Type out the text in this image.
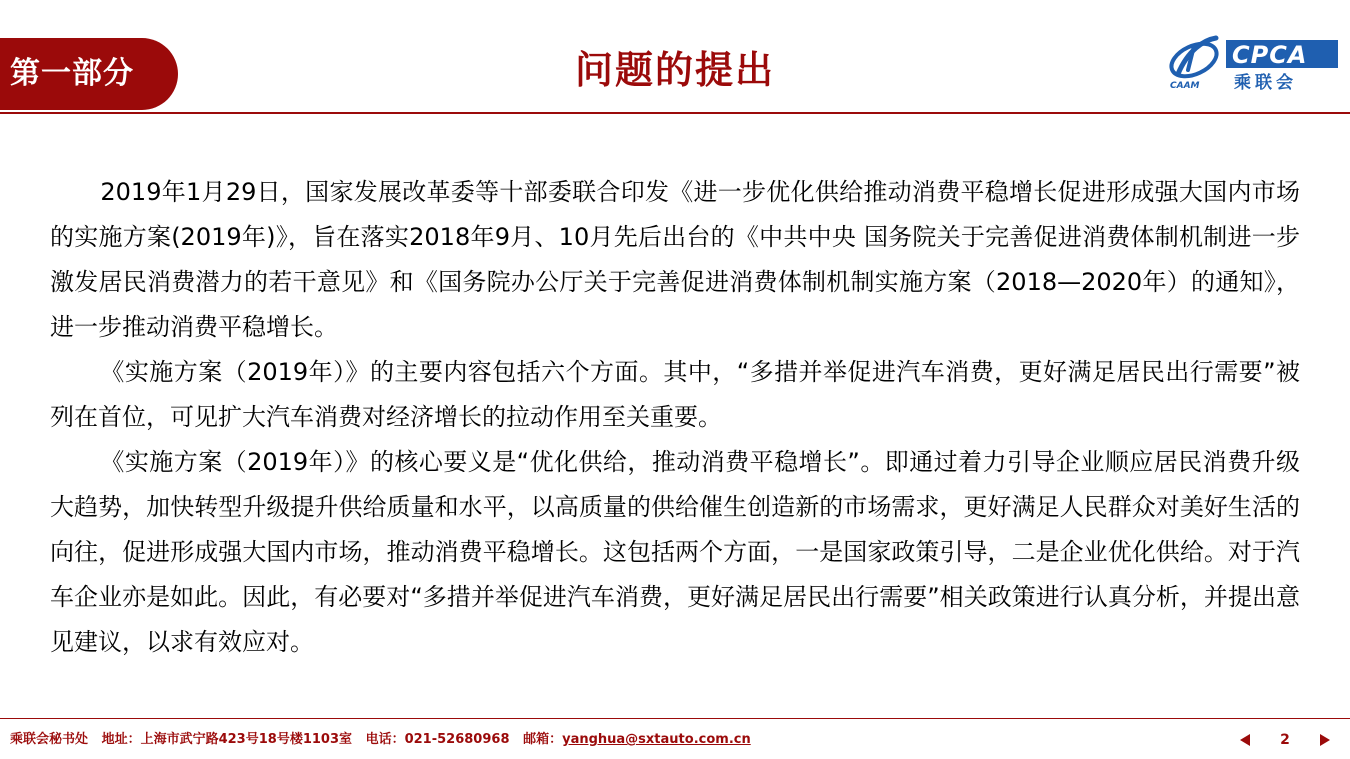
第一部分	问题的提出	CAAM
CPCA
乘联会

2019年1月29日，国家发展改革委等十部委联合印发《进一步优化供给推动消费平稳增长促进形成强大国内市场的实施方案(2019年)》，旨在落实2018年9月、10月先后出台的《中共中央 国务院关于完善促进消费体制机制进一步激发居民消费潜力的若干意见》和《国务院办公厅关于完善促进消费体制机制实施方案（2018—2020年）的通知》，进一步推动消费平稳增长。

《实施方案（2019年）》的主要内容包括六个方面。其中，“多措并举促进汽车消费，更好满足居民出行需要”被列在首位，可见扩大汽车消费对经济增长的拉动作用至关重要。

《实施方案（2019年）》的核心要义是“优化供给，推动消费平稳增长”。即通过着力引导企业顺应居民消费升级大趋势，加快转型升级提升供给质量和水平，以高质量的供给催生创造新的市场需求，更好满足人民群众对美好生活的向往，促进形成强大国内市场，推动消费平稳增长。这包括两个方面，一是国家政策引导，二是企业优化供给。对于汽车企业亦是如此。因此，有必要对“多措并举促进汽车消费，更好满足居民出行需要”相关政策进行认真分析，并提出意见建议，以求有效应对。

乘联会秘书处 地址：上海市武宁路423号18号楼1103室 电话：021-52680968 邮箱：yanghua@sxtauto.com.cn	2
